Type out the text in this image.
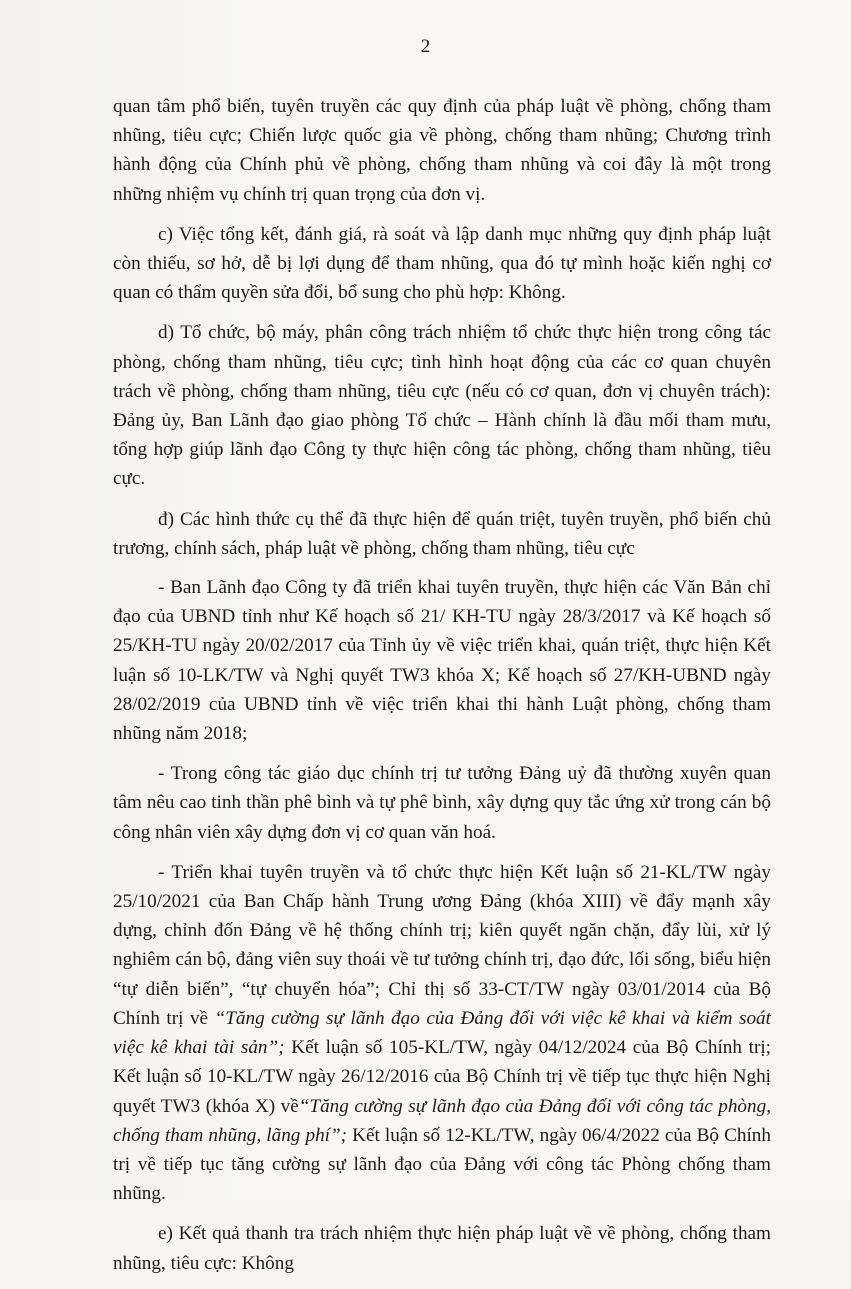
2

quan tâm phổ biến, tuyên truyền các quy định của pháp luật về phòng, chống tham nhũng, tiêu cực; Chiến lược quốc gia về phòng, chống tham nhũng; Chương trình hành động của Chính phủ về phòng, chống tham nhũng và coi đây là một trong những nhiệm vụ chính trị quan trọng của đơn vị.

c) Việc tổng kết, đánh giá, rà soát và lập danh mục những quy định pháp luật còn thiếu, sơ hở, dễ bị lợi dụng để tham nhũng, qua đó tự mình hoặc kiến nghị cơ quan có thẩm quyền sửa đổi, bổ sung cho phù hợp: Không.

d) Tổ chức, bộ máy, phân công trách nhiệm tổ chức thực hiện trong công tác phòng, chống tham nhũng, tiêu cực; tình hình hoạt động của các cơ quan chuyên trách về phòng, chống tham nhũng, tiêu cực (nếu có cơ quan, đơn vị chuyên trách): Đảng ủy, Ban Lãnh đạo giao phòng Tổ chức – Hành chính là đầu mối tham mưu, tổng hợp giúp lãnh đạo Công ty thực hiện công tác phòng, chống tham nhũng, tiêu cực.

đ) Các hình thức cụ thể đã thực hiện để quán triệt, tuyên truyền, phổ biến chủ trương, chính sách, pháp luật về phòng, chống tham nhũng, tiêu cực

- Ban Lãnh đạo Công ty đã triển khai tuyên truyền, thực hiện các Văn Bản chỉ đạo của UBND tỉnh như Kế hoạch số 21/ KH-TU ngày 28/3/2017 và Kế hoạch số 25/KH-TU ngày 20/02/2017 của Tỉnh ủy về việc triển khai, quán triệt, thực hiện Kết luận số 10-LK/TW và Nghị quyết TW3 khóa X; Kế hoạch số 27/KH-UBND ngày 28/02/2019 của UBND tỉnh về việc triển khai thi hành Luật phòng, chống tham nhũng năm 2018;

- Trong công tác giáo dục chính trị tư tưởng Đảng uỷ đã thường xuyên quan tâm nêu cao tinh thần phê bình và tự phê bình, xây dựng quy tắc ứng xử trong cán bộ công nhân viên xây dựng đơn vị cơ quan văn hoá.

- Triển khai tuyên truyền và tổ chức thực hiện Kết luận số 21-KL/TW ngày 25/10/2021 của Ban Chấp hành Trung ương Đảng (khóa XIII) về đẩy mạnh xây dựng, chỉnh đốn Đảng về hệ thống chính trị; kiên quyết ngăn chặn, đẩy lùi, xử lý nghiêm cán bộ, đảng viên suy thoái về tư tưởng chính trị, đạo đức, lối sống, biểu hiện “tự diễn biến”, “tự chuyển hóa”; Chỉ thị số 33-CT/TW ngày 03/01/2014 của Bộ Chính trị về “Tăng cường sự lãnh đạo của Đảng đối với việc kê khai và kiểm soát việc kê khai tài sản”; Kết luận số 105-KL/TW, ngày 04/12/2024 của Bộ Chính trị; Kết luận số 10-KL/TW ngày 26/12/2016 của Bộ Chính trị về tiếp tục thực hiện Nghị quyết TW3 (khóa X) về“Tăng cường sự lãnh đạo của Đảng đối với công tác phòng, chống tham nhũng, lãng phí”; Kết luận số 12-KL/TW, ngày 06/4/2022 của Bộ Chính trị về tiếp tục tăng cường sự lãnh đạo của Đảng với công tác Phòng chống tham nhũng.

e) Kết quả thanh tra trách nhiệm thực hiện pháp luật về về phòng, chống tham nhũng, tiêu cực: Không
